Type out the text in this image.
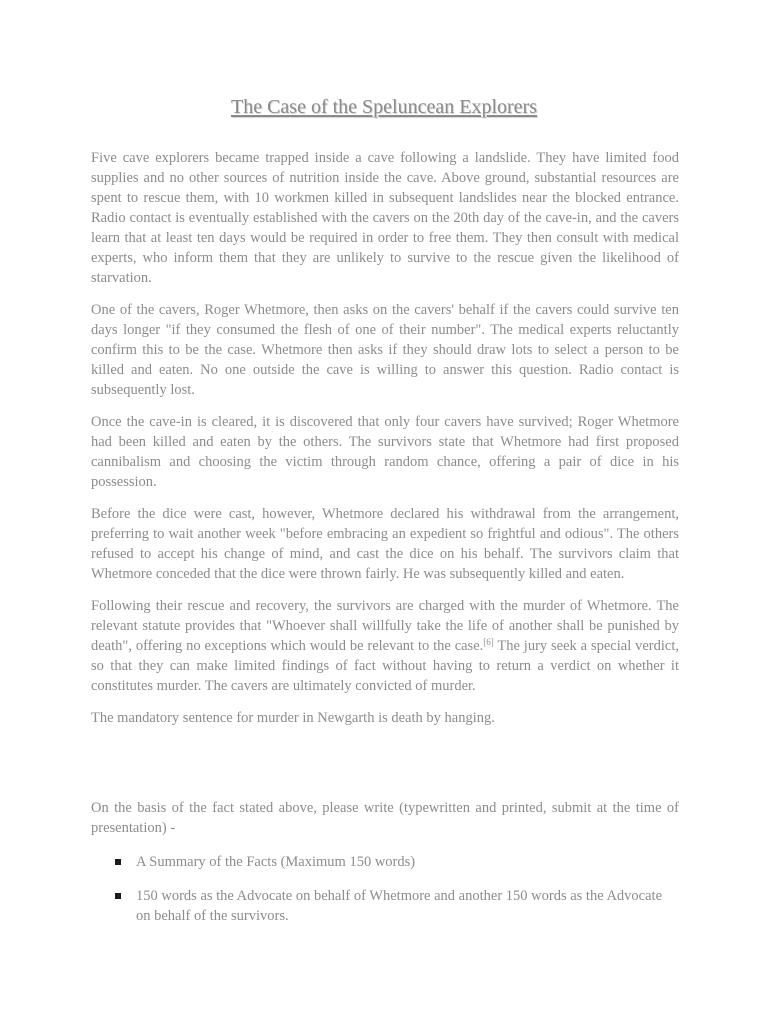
The Case of the Speluncean Explorers

Five cave explorers became trapped inside a cave following a landslide. They have limited food supplies and no other sources of nutrition inside the cave. Above ground, substantial resources are spent to rescue them, with 10 workmen killed in subsequent landslides near the blocked entrance. Radio contact is eventually established with the cavers on the 20th day of the cave-in, and the cavers learn that at least ten days would be required in order to free them. They then consult with medical experts, who inform them that they are unlikely to survive to the rescue given the likelihood of starvation.

One of the cavers, Roger Whetmore, then asks on the cavers' behalf if the cavers could survive ten days longer "if they consumed the flesh of one of their number". The medical experts reluctantly confirm this to be the case. Whetmore then asks if they should draw lots to select a person to be killed and eaten. No one outside the cave is willing to answer this question. Radio contact is subsequently lost.

Once the cave-in is cleared, it is discovered that only four cavers have survived; Roger Whetmore had been killed and eaten by the others. The survivors state that Whetmore had first proposed cannibalism and choosing the victim through random chance, offering a pair of dice in his possession.

Before the dice were cast, however, Whetmore declared his withdrawal from the arrangement, preferring to wait another week "before embracing an expedient so frightful and odious". The others refused to accept his change of mind, and cast the dice on his behalf. The survivors claim that Whetmore conceded that the dice were thrown fairly. He was subsequently killed and eaten.

Following their rescue and recovery, the survivors are charged with the murder of Whetmore. The relevant statute provides that "Whoever shall willfully take the life of another shall be punished by death", offering no exceptions which would be relevant to the case.[6] The jury seek a special verdict, so that they can make limited findings of fact without having to return a verdict on whether it constitutes murder. The cavers are ultimately convicted of murder.

The mandatory sentence for murder in Newgarth is death by hanging.

On the basis of the fact stated above, please write (typewritten and printed, submit at the time of presentation) -

A Summary of the Facts (Maximum 150 words)
150 words as the Advocate on behalf of Whetmore and another 150 words as the Advocate on behalf of the survivors.
